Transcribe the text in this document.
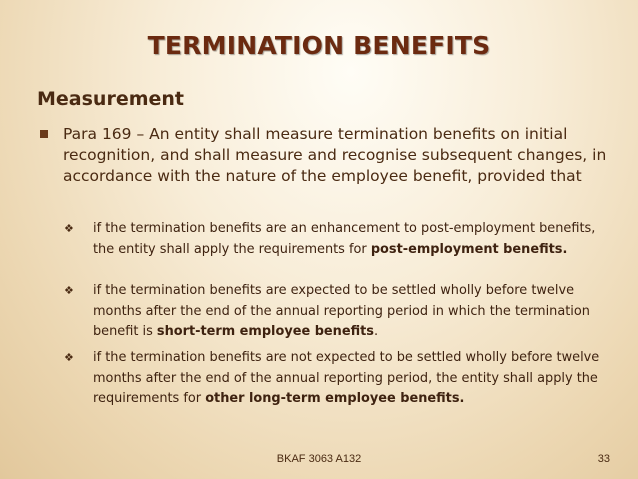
TERMINATION BENEFITS
Measurement
Para 169 – An entity shall measure termination benefits on initial recognition, and shall measure and recognise subsequent changes, in accordance with the nature of the employee benefit, provided that
❖ if the termination benefits are an enhancement to post-employment benefits, the entity shall apply the requirements for post-employment benefits.
❖ if the termination benefits are expected to be settled wholly before twelve months after the end of the annual reporting period in which the termination benefit is short-term employee benefits.
❖ if the termination benefits are not expected to be settled wholly before twelve months after the end of the annual reporting period, the entity shall apply the requirements for other long-term employee benefits.
BKAF 3063 A132	33
